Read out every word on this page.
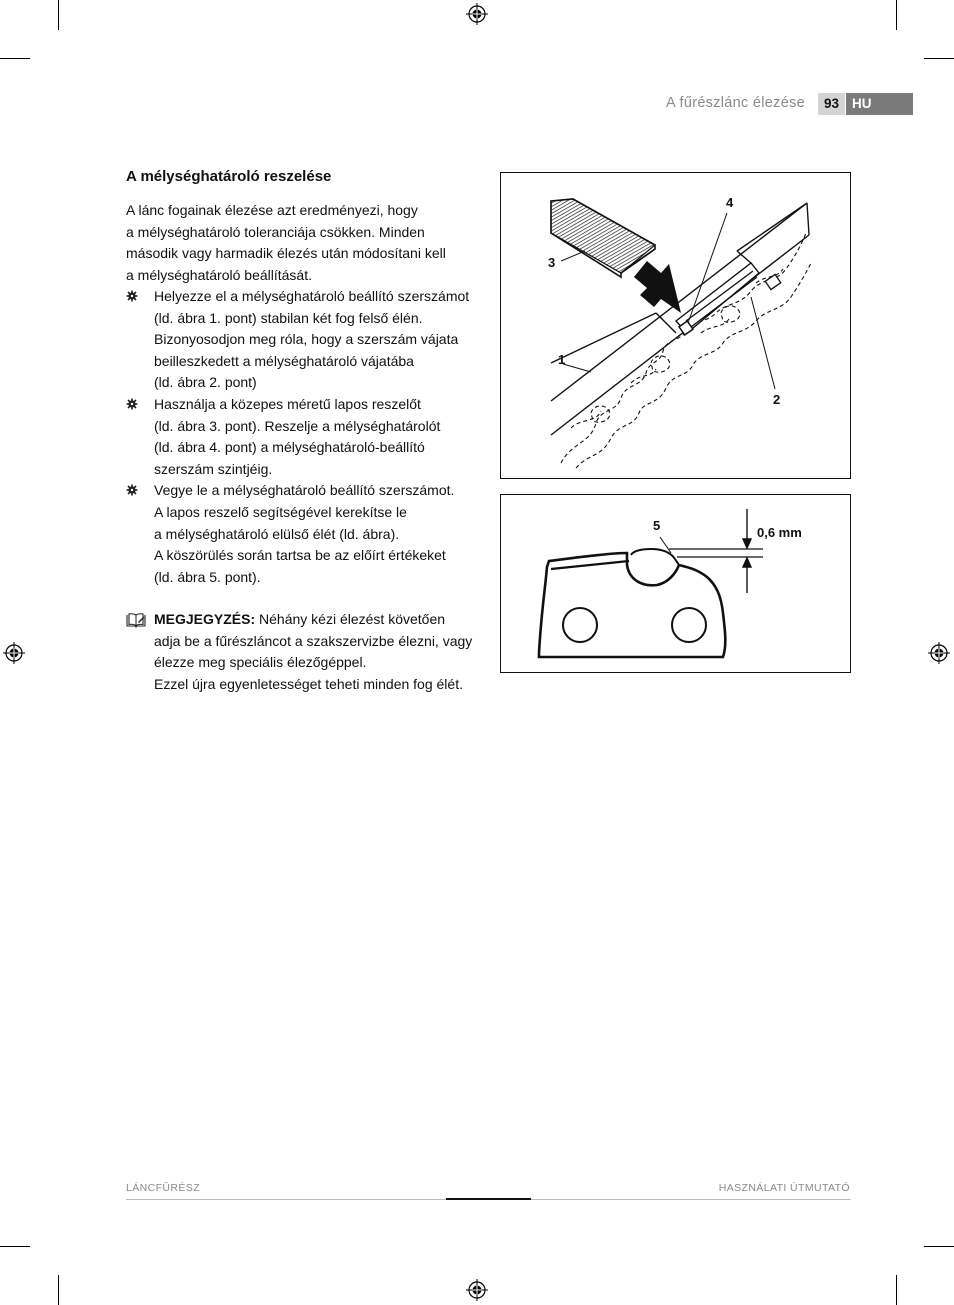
A fűrészlánc élezése	93 HU
A mélységhatároló reszelése
A lánc fogainak élezése azt eredményezi, hogy
a mélységhatároló toleranciája csökken. Minden
második vagy harmadik élezés után módosítani kell
a mélységhatároló beállítását.
Helyezze el a mélységhatároló beállító szerszámot
(ld. ábra 1. pont) stabilan két fog felső élén.
Bizonyosodjon meg róla, hogy a szerszám vájata
beilleszkedett a mélységhatároló vájatába
(ld. ábra 2. pont)
Használja a közepes méretű lapos reszelőt
(ld. ábra 3. pont). Reszelje a mélységhatárolót
(ld. ábra 4. pont) a mélységhatároló-beállító
szerszám szintjéig.
Vegye le a mélységhatároló beállító szerszámot.
A lapos reszelő segítségével kerekítse le
a mélységhatároló elülső élét (ld. ábra).
A köszörülés során tartsa be az előírt értékeket
(ld. ábra 5. pont).
MEGJEGYZÉS: Néhány kézi élezést követően
adja be a fűrészláncot a szakszervizbe élezni, vagy
élezze meg speciális élezőgéppel.
Ezzel újra egyenletességet teheti minden fog élét.
3
4
1
2
5	0,6 mm
LÁNCFŰRÉSZ	HASZNÁLATI ÚTMUTATÓ
